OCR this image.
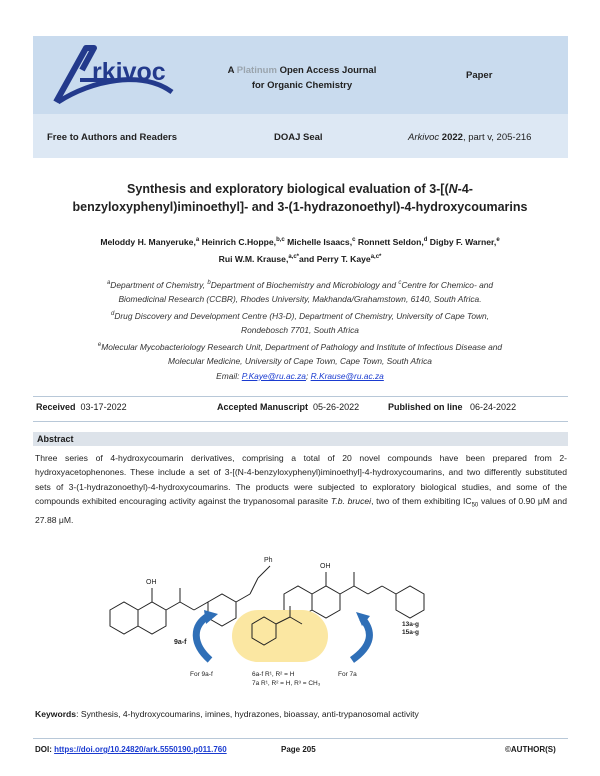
rkivoc	A Platinum Open Access Journal
for Organic Chemistry
Paper
Free to Authors and Readers	DOAJ Seal	Arkivoc 2022, part v, 205-216
Synthesis and exploratory biological evaluation of 3-[(N-4-
benzyloxyphenyl)iminoethyl]- and 3-(1-hydrazonoethyl)-4-hydroxycoumarins
Meloddy H. Manyeruke,$^a$ Heinrich C.Hoppe,$^{b,c}$ Michelle Isaacs,$^c$ Ronnett Seldon,$^d$ Digby F. Warner,$^e$
Rui W.M. Krause,$^{a,c*}$and Perry T. Kaye$^{a,c*}$
$^a$Department of Chemistry, $^b$Department of Biochemistry and Microbiology and $^c$Centre for Chemico- and
Biomedicinal Research (CCBR), Rhodes University, Makhanda/Grahamstown, 6140, South Africa.
$^d$Drug Discovery and Development Centre (H3-D), Department of Chemistry, University of Cape Town,
Rondebosch 7701, South Africa
$^e$Molecular Mycobacteriology Research Unit, Department of Pathology and Institute of Infectious Disease and
Molecular Medicine, University of Cape Town, Cape Town, South Africa
Email: P.Kaye@ru.ac.za; R.Krause@ru.ac.za
Received 03-17-2022	Accepted Manuscript 05-26-2022	Published on line 06-24-2022
Abstract
Three series of 4-hydroxycoumarin derivatives, comprising a total of 20 novel compounds have been prepared from 2-hydroxyacetophenones. These include a set of 3-[(N-4-benzyloxyphenyl)iminoethyl]-4-hydroxycoumarins, and two differently substituted sets of 3-(1-hydrazonoethyl)-4-hydroxycoumarins. The products were subjected to exploratory biological studies, and some of the compounds exhibited encouraging activity against the trypanosomal parasite T.b. brucei, two of them exhibiting $IC_{50}$ values of 0.90 μM and 27.88 μM.
OH
Ph
9a-f
OH
13a-g
15a-g
For 9a-f	For 7a
6a-f R¹, R² = H
7a R¹, R² = H, R³ = CH₃
Keywords: Synthesis, 4-hydroxycoumarins, imines, hydrazones, bioassay, anti-trypanosomal activity
DOI: https://doi.org/10.24820/ark.5550190.p011.760	Page 205	©AUTHOR(S)
